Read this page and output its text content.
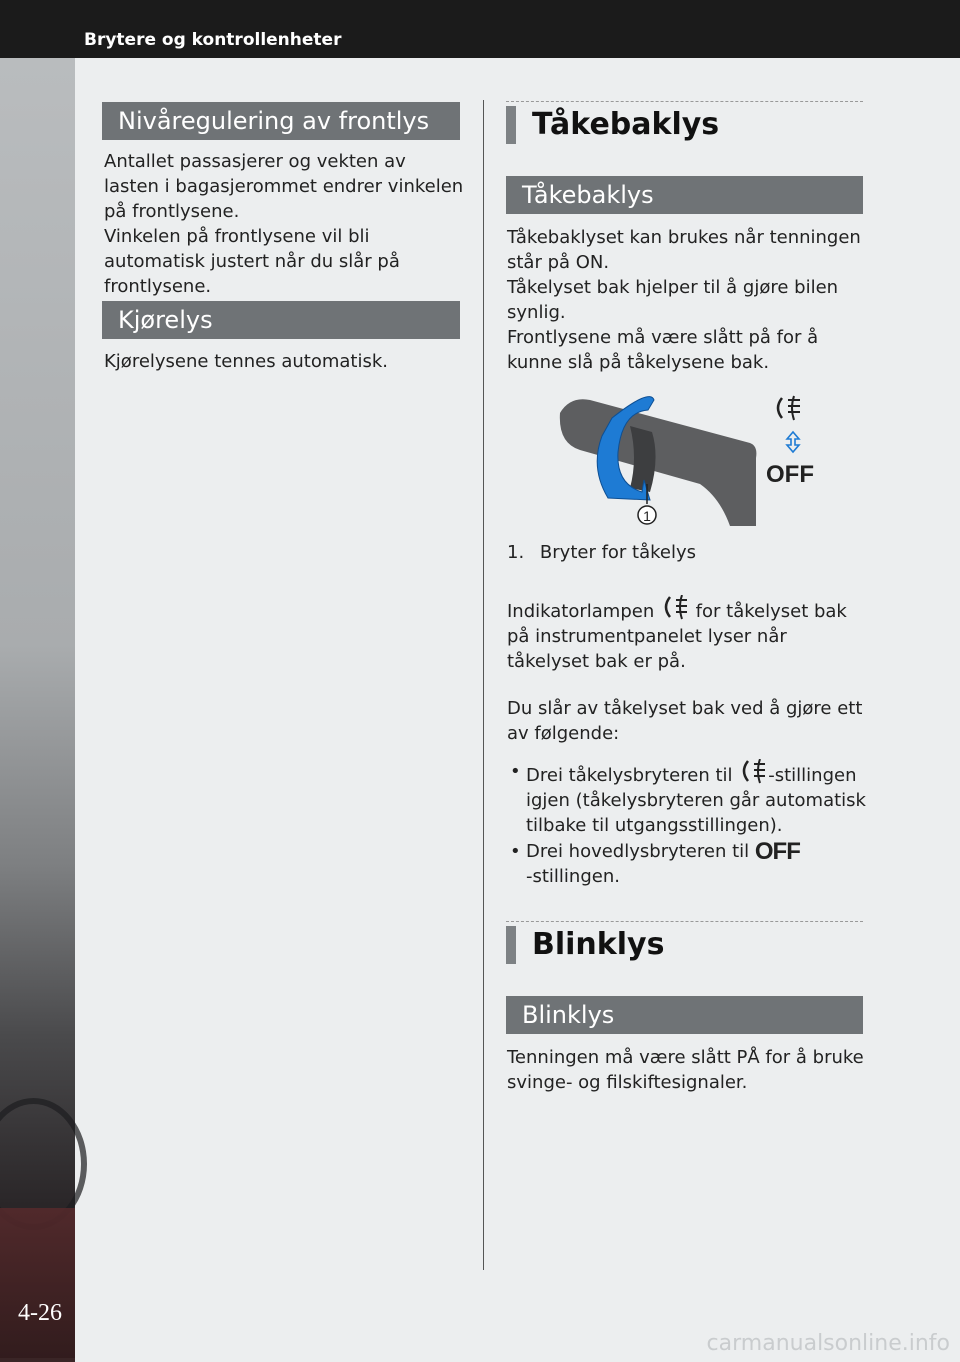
Brytere og kontrollenheter
4-26
Nivåregulering av frontlys

Antallet passasjerer og vekten av lasten i bagasjerommet endrer vinkelen på frontlysene.

Vinkelen på frontlysene vil bli automatisk justert når du slår på frontlysene.

Kjørelys
Kjørelysene tennes automatisk.
Tåkebaklys
Tåkebaklys

Tåkebaklyset kan brukes når tenningen står på ON.

Tåkelyset bak hjelper til å gjøre bilen synlig.

Frontlysene må være slått på for å kunne slå på tåkelysene bak.

1
OFF
1. Bryter for tåkelys
Indikatorlampen  for tåkelyset bak på instrumentpanelet lyser når tåkelyset bak er på.
Du slår av tåkelyset bak ved å gjøre ett av følgende:
• Drei tåkelysbryteren til -stillingen igjen (tåkelysbryteren går automatisk tilbake til utgangsstillingen).
• Drei hovedlysbryteren til OFF
-stillingen.
Blinklys
Blinklys
Tenningen må være slått PÅ for å bruke svinge- og filskiftesignaler.
carmanualsonline.info
